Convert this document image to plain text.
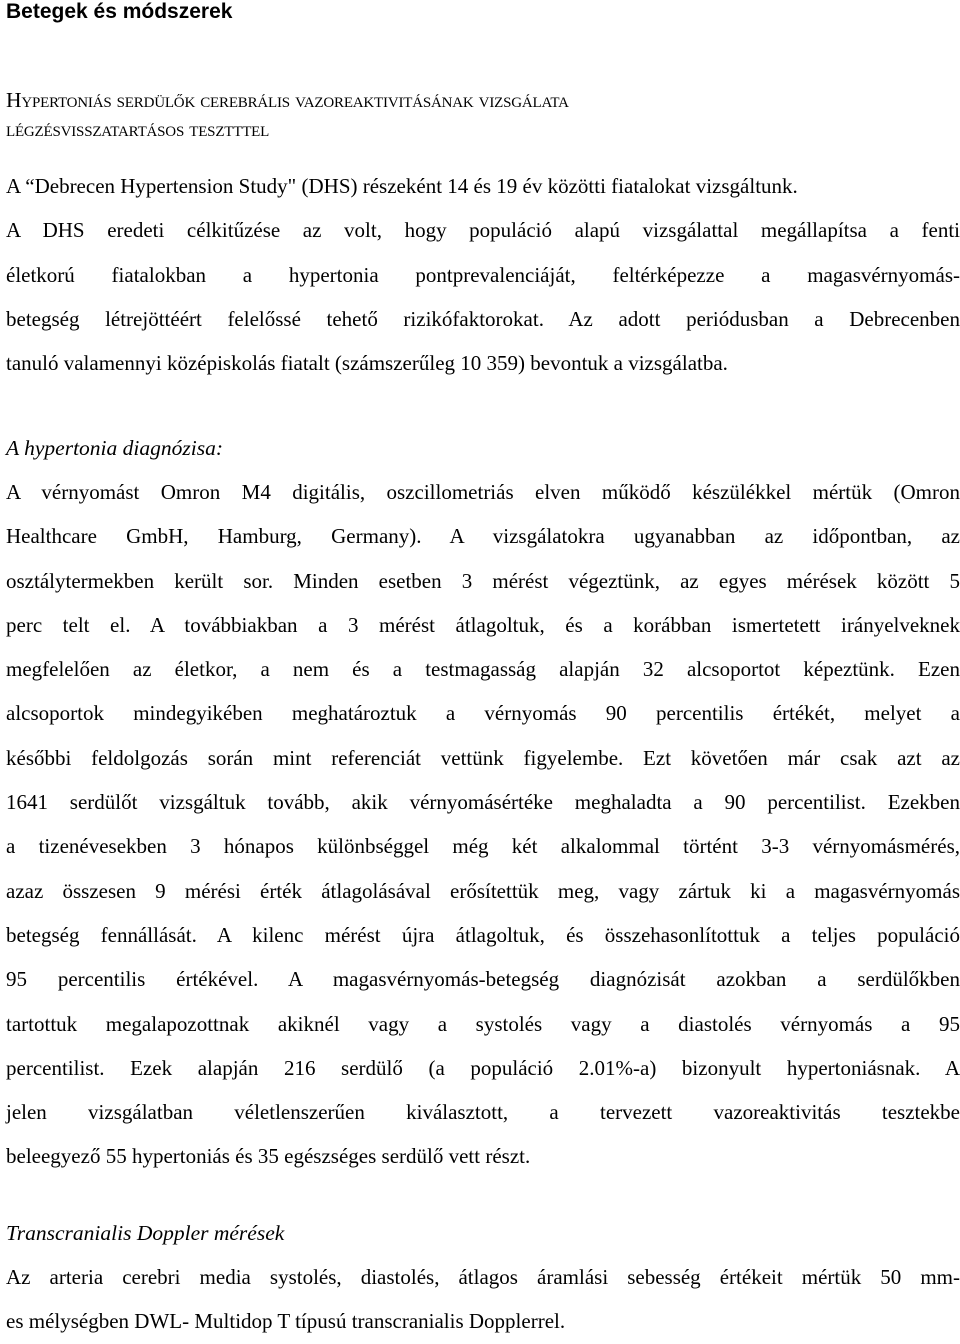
Betegek és módszerek
Hypertoniás serdülők cerebrális vazoreaktivitásának vizsgálata
légzésvisszatartásos tesztttel
A “Debrecen Hypertension Study" (DHS) részeként 14 és 19 év közötti fiatalokat vizsgáltunk.
A DHS eredeti célkitűzése az volt, hogy populáció alapú vizsgálattal megállapítsa a fenti
életkorú fiatalokban a hypertonia pontprevalenciáját, feltérképezze a magasvérnyomás-
betegség létrejöttéért felelőssé tehető rizikófaktorokat. Az adott periódusban a Debrecenben
tanuló valamennyi középiskolás fiatalt (számszerűleg 10 359) bevontuk a vizsgálatba.
A hypertonia diagnózisa:
A vérnyomást Omron M4 digitális, oszcillometriás elven működő készülékkel mértük (Omron
Healthcare GmbH, Hamburg, Germany). A vizsgálatokra ugyanabban az időpontban, az
osztálytermekben került sor. Minden esetben 3 mérést végeztünk, az egyes mérések között 5
perc telt el. A továbbiakban a 3 mérést átlagoltuk, és a korábban ismertetett irányelveknek
megfelelően az életkor, a nem és a testmagasság alapján 32 alcsoportot képeztünk. Ezen
alcsoportok mindegyikében meghatároztuk a vérnyomás 90 percentilis értékét, melyet a
későbbi feldolgozás során mint referenciát vettünk figyelembe. Ezt követően már csak azt az
1641 serdülőt vizsgáltuk tovább, akik vérnyomásértéke meghaladta a 90 percentilist. Ezekben
a tizenévesekben 3 hónapos különbséggel még két alkalommal történt 3-3 vérnyomásmérés,
azaz összesen 9 mérési érték átlagolásával erősítettük meg, vagy zártuk ki a magasvérnyomás
betegség fennállását. A kilenc mérést újra átlagoltuk, és összehasonlítottuk a teljes populáció
95 percentilis értékével. A magasvérnyomás-betegség diagnózisát azokban a serdülőkben
tartottuk megalapozottnak akiknél vagy a systolés vagy a diastolés vérnyomás a 95
percentilist. Ezek alapján 216 serdülő (a populáció 2.01%-a) bizonyult hypertoniásnak. A
jelen vizsgálatban véletlenszerűen kiválasztott, a tervezett vazoreaktivitás tesztekbe
beleegyező 55 hypertoniás és 35 egészséges serdülő vett részt.
Transcranialis Doppler mérések
Az arteria cerebri media systolés, diastolés, átlagos áramlási sebesség értékeit mértük 50 mm-
es mélységben DWL- Multidop T típusú transcranialis Dopplerrel.
